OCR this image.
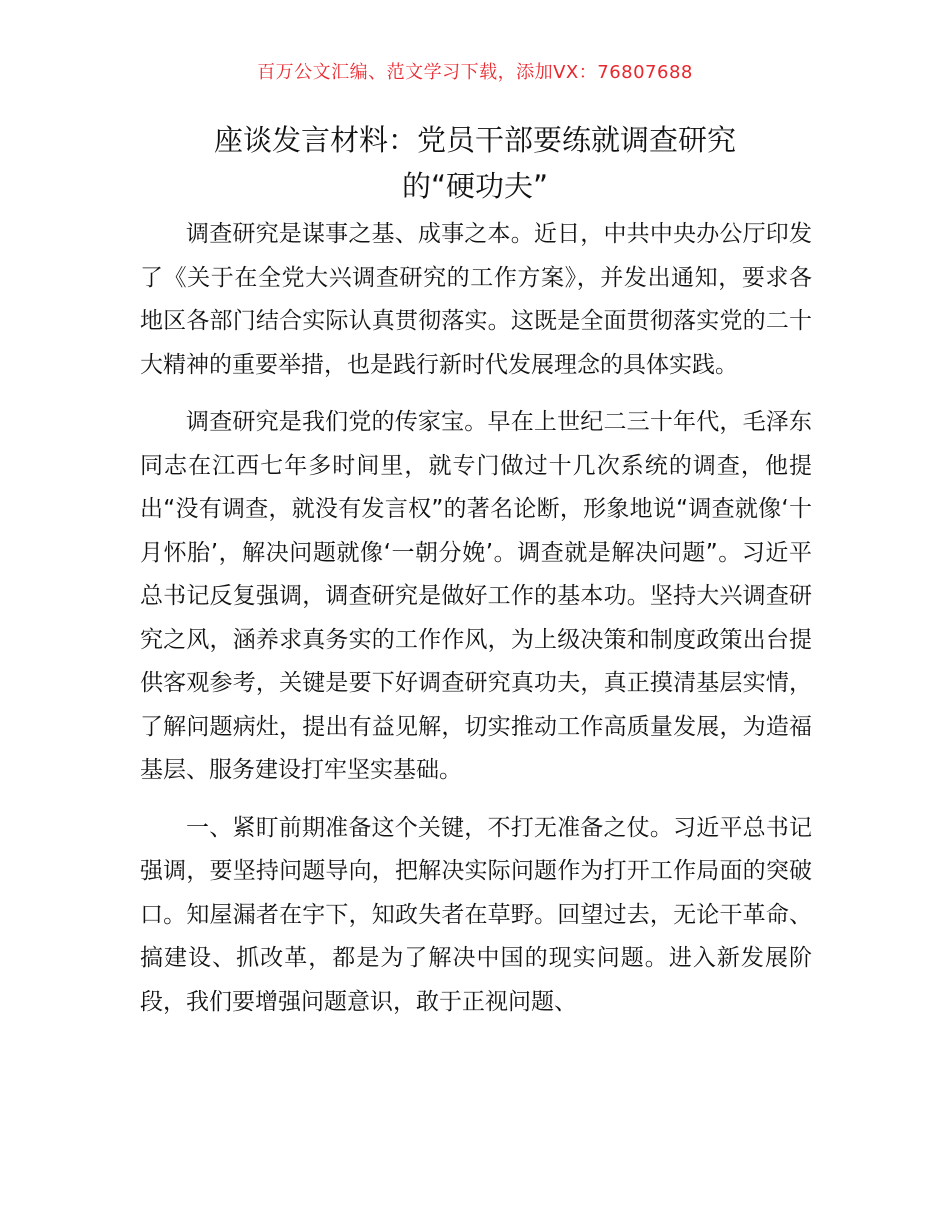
百万公文汇编、范文学习下载，添加VX：76807688
座谈发言材料：党员干部要练就调查研究
的“硬功夫”

调查研究是谋事之基、成事之本。近日，中共中央办公厅印发了《关于在全党大兴调查研究的工作方案》，并发出通知，要求各地区各部门结合实际认真贯彻落实。这既是全面贯彻落实党的二十大精神的重要举措，也是践行新时代发展理念的具体实践。

调查研究是我们党的传家宝。早在上世纪二三十年代，毛泽东同志在江西七年多时间里，就专门做过十几次系统的调查，他提出“没有调查，就没有发言权”的著名论断，形象地说“调查就像‘十月怀胎’，解决问题就像‘一朝分娩’。调查就是解决问题”。习近平总书记反复强调，调查研究是做好工作的基本功。坚持大兴调查研究之风，涵养求真务实的工作作风，为上级决策和制度政策出台提供客观参考，关键是要下好调查研究真功夫，真正摸清基层实情，了解问题病灶，提出有益见解，切实推动工作高质量发展，为造福基层、服务建设打牢坚实基础。

一、紧盯前期准备这个关键，不打无准备之仗。习近平总书记强调，要坚持问题导向，把解决实际问题作为打开工作局面的突破口。知屋漏者在宇下，知政失者在草野。回望过去，无论干革命、搞建设、抓改革，都是为了解决中国的现实问题。进入新发展阶段，我们要增强问题意识，敢于正视问题、
